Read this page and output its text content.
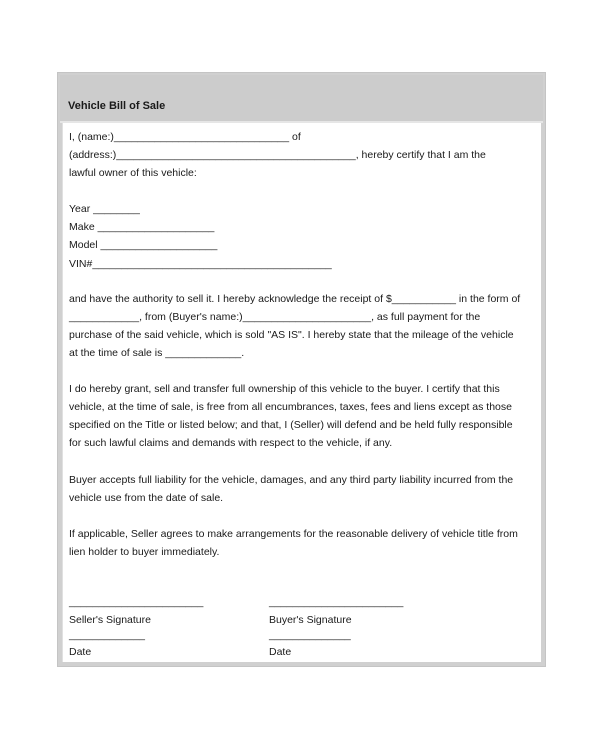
Vehicle Bill of Sale
I, (name:)______________________________ of
(address:)_________________________________________, hereby certify that I am the
lawful owner of this vehicle:
Year ________
Make ____________________
Model ____________________
VIN#_________________________________________
and have the authority to sell it. I hereby acknowledge the receipt of $___________ in the form of
____________, from (Buyer's name:)______________________, as full payment for the
purchase of the said vehicle, which is sold "AS IS". I hereby state that the mileage of the vehicle
at the time of sale is _____________.
I do hereby grant, sell and transfer full ownership of this vehicle to the buyer. I certify that this
vehicle, at the time of sale, is free from all encumbrances, taxes, fees and liens except as those
specified on the Title or listed below; and that, I (Seller) will defend and be held fully responsible
for such lawful claims and demands with respect to the vehicle, if any.
Buyer accepts full liability for the vehicle, damages, and any third party liability incurred from the
vehicle use from the date of sale.
If applicable, Seller agrees to make arrangements for the reasonable delivery of vehicle title from
lien holder to buyer immediately.
_______________________	_______________________
Seller's Signature	Buyer's Signature
_____________	______________
Date	Date
